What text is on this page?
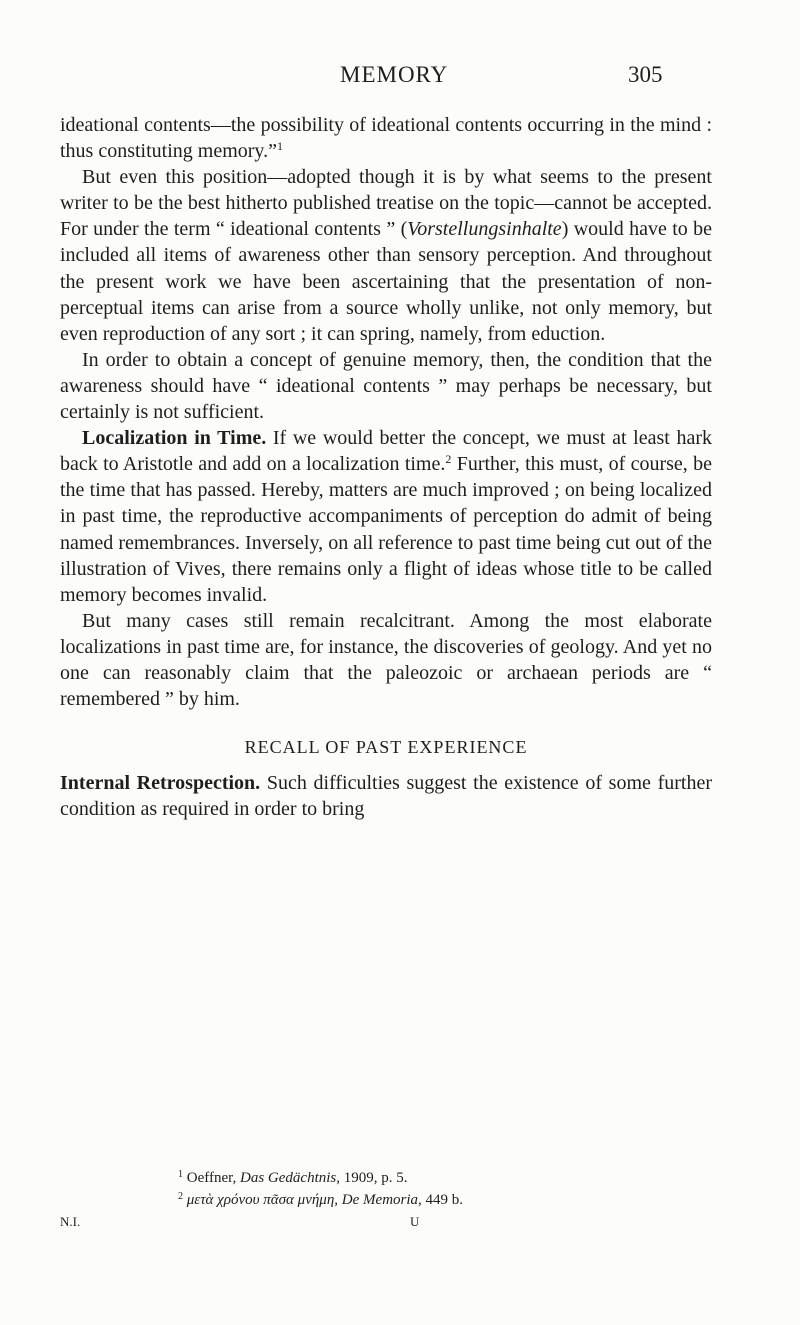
MEMORY	305

ideational contents—the possibility of ideational contents occurring in the mind : thus constituting memory.”$^1$

But even this position—adopted though it is by what seems to the present writer to be the best hitherto published treatise on the topic—cannot be accepted. For under the term “ ideational contents ” (Vorstellungsinhalte) would have to be included all items of awareness other than sensory perception. And throughout the present work we have been ascertaining that the presentation of non-perceptual items can arise from a source wholly unlike, not only memory, but even reproduction of any sort ; it can spring, namely, from eduction.

In order to obtain a concept of genuine memory, then, the condition that the awareness should have “ ideational contents ” may perhaps be necessary, but certainly is not sufficient.

Localization in Time. If we would better the concept, we must at least hark back to Aristotle and add on a localization time.$^2$ Further, this must, of course, be the time that has passed. Hereby, matters are much improved ; on being localized in past time, the reproductive accompaniments of perception do admit of being named remembrances. Inversely, on all reference to past time being cut out of the illustration of Vives, there remains only a flight of ideas whose title to be called memory becomes invalid.

But many cases still remain recalcitrant. Among the most elaborate localizations in past time are, for instance, the discoveries of geology. And yet no one can reasonably claim that the paleozoic or archaean periods are “ remembered ” by him.

RECALL OF PAST EXPERIENCE

Internal Retrospection. Such difficulties suggest the existence of some further condition as required in order to bring

$^1$ Oeffner, Das Gedächtnis, 1909, p. 5.
$^2$ μετὰ χρόνου πᾶσα μνήμη, De Memoria, 449 b.
N.I.	U
